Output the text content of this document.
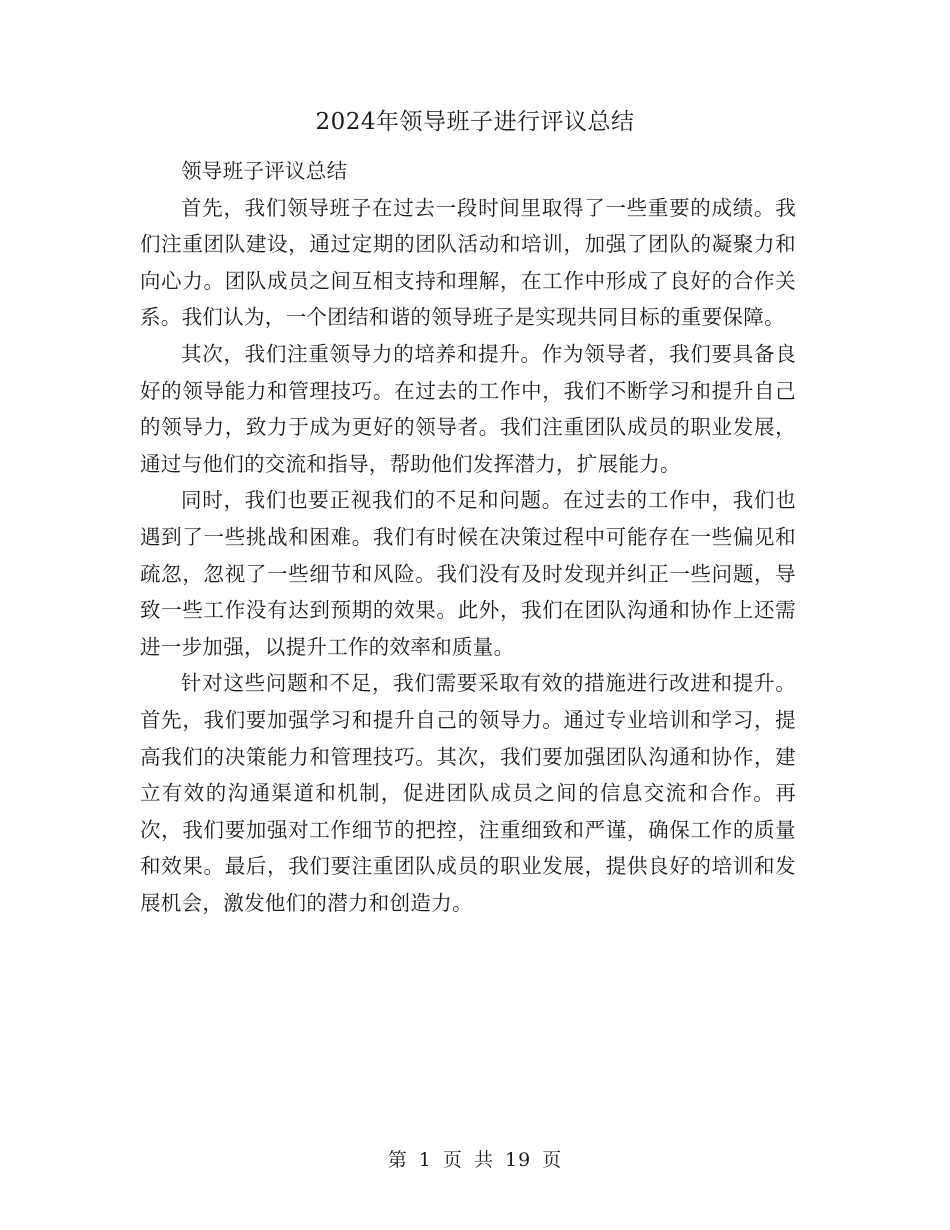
2024年领导班子进行评议总结

领导班子评议总结

首先，我们领导班子在过去一段时间里取得了一些重要的成绩。我们注重团队建设，通过定期的团队活动和培训，加强了团队的凝聚力和向心力。团队成员之间互相支持和理解，在工作中形成了良好的合作关系。我们认为，一个团结和谐的领导班子是实现共同目标的重要保障。

其次，我们注重领导力的培养和提升。作为领导者，我们要具备良好的领导能力和管理技巧。在过去的工作中，我们不断学习和提升自己的领导力，致力于成为更好的领导者。我们注重团队成员的职业发展，通过与他们的交流和指导，帮助他们发挥潜力，扩展能力。

同时，我们也要正视我们的不足和问题。在过去的工作中，我们也遇到了一些挑战和困难。我们有时候在决策过程中可能存在一些偏见和疏忽，忽视了一些细节和风险。我们没有及时发现并纠正一些问题，导致一些工作没有达到预期的效果。此外，我们在团队沟通和协作上还需进一步加强，以提升工作的效率和质量。

针对这些问题和不足，我们需要采取有效的措施进行改进和提升。首先，我们要加强学习和提升自己的领导力。通过专业培训和学习，提高我们的决策能力和管理技巧。其次，我们要加强团队沟通和协作，建立有效的沟通渠道和机制，促进团队成员之间的信息交流和合作。再次，我们要加强对工作细节的把控，注重细致和严谨，确保工作的质量和效果。最后，我们要注重团队成员的职业发展，提供良好的培训和发展机会，激发他们的潜力和创造力。

第 1 页 共 19 页
